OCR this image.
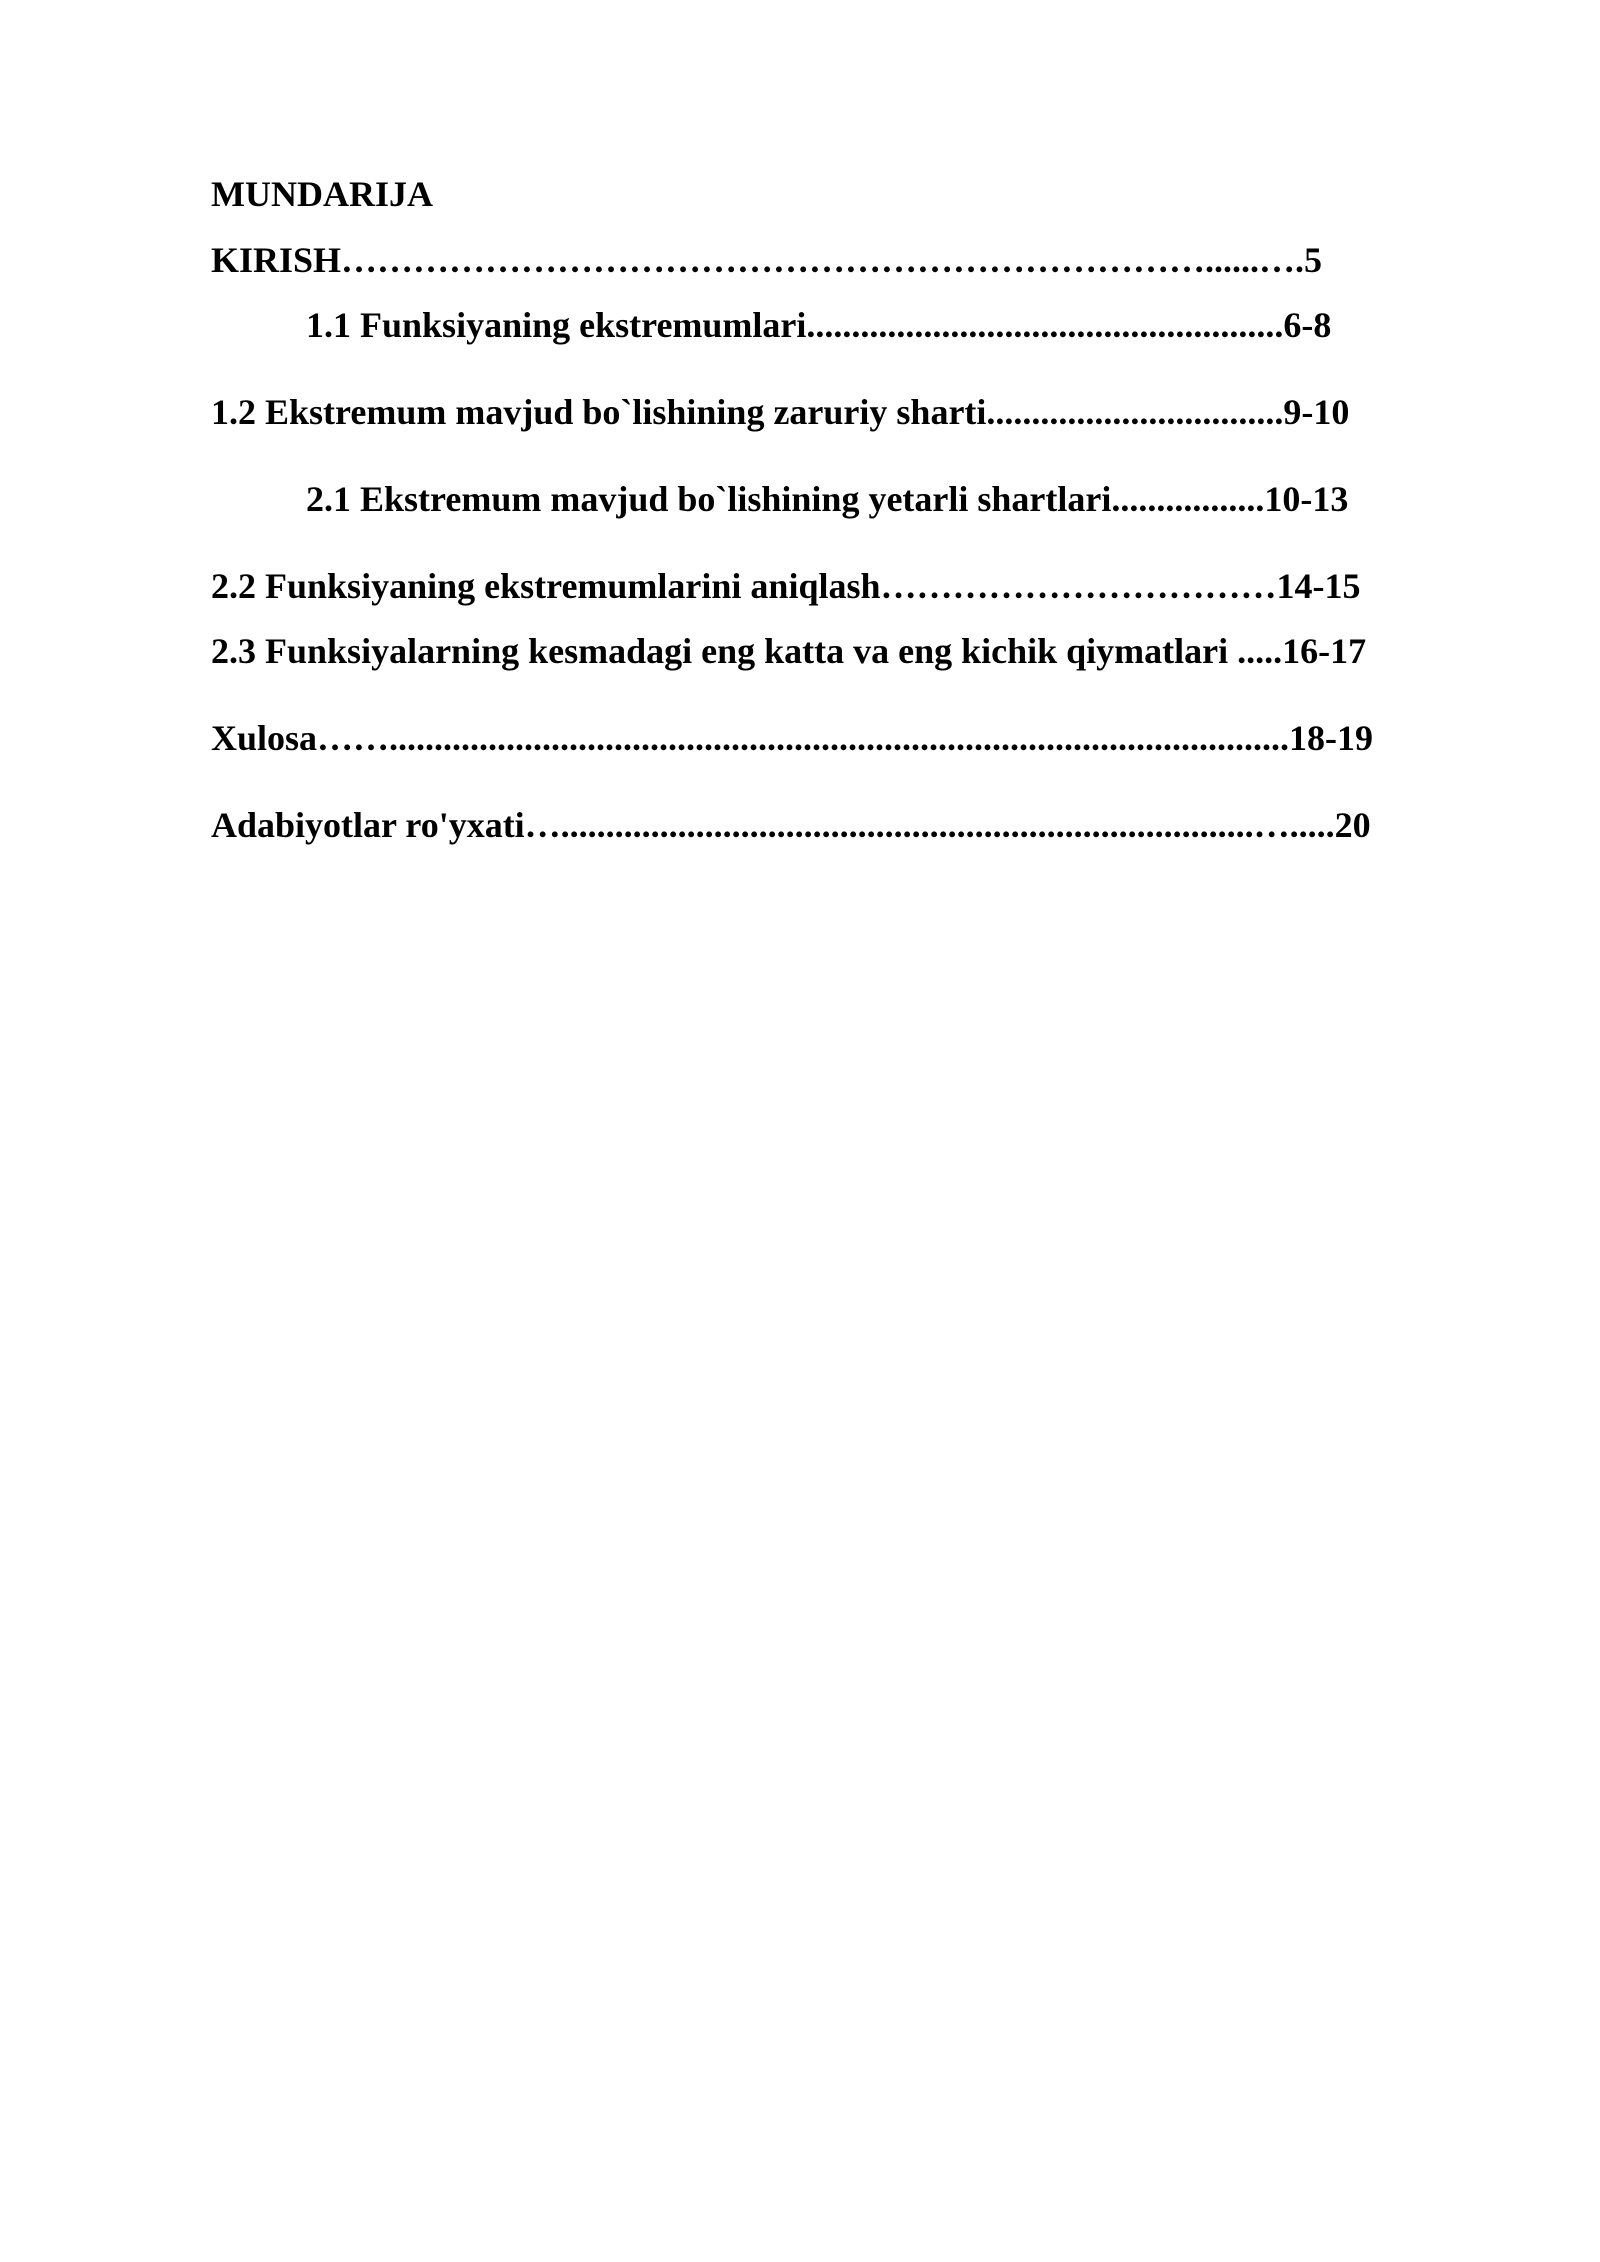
MUNDARIJA
KIRISH………………………………………………………………......….5
1.1 Funksiyaning ekstremumlari.....................................................6-8
1.2 Ekstremum mavjud bo`lishining zaruriy sharti.................................9-10
2.1 Ekstremum mavjud bo`lishining yetarli shartlari.................10-13
2.2 Funksiyaning ekstremumlarini aniqlash……………………………14-15
2.3 Funksiyalarning kesmadagi eng katta va eng kichik qiymatlari .....16-17
Xulosa……....................................................................................................18-19
Adabiyotlar ro'yxati….............................................................................….....20
